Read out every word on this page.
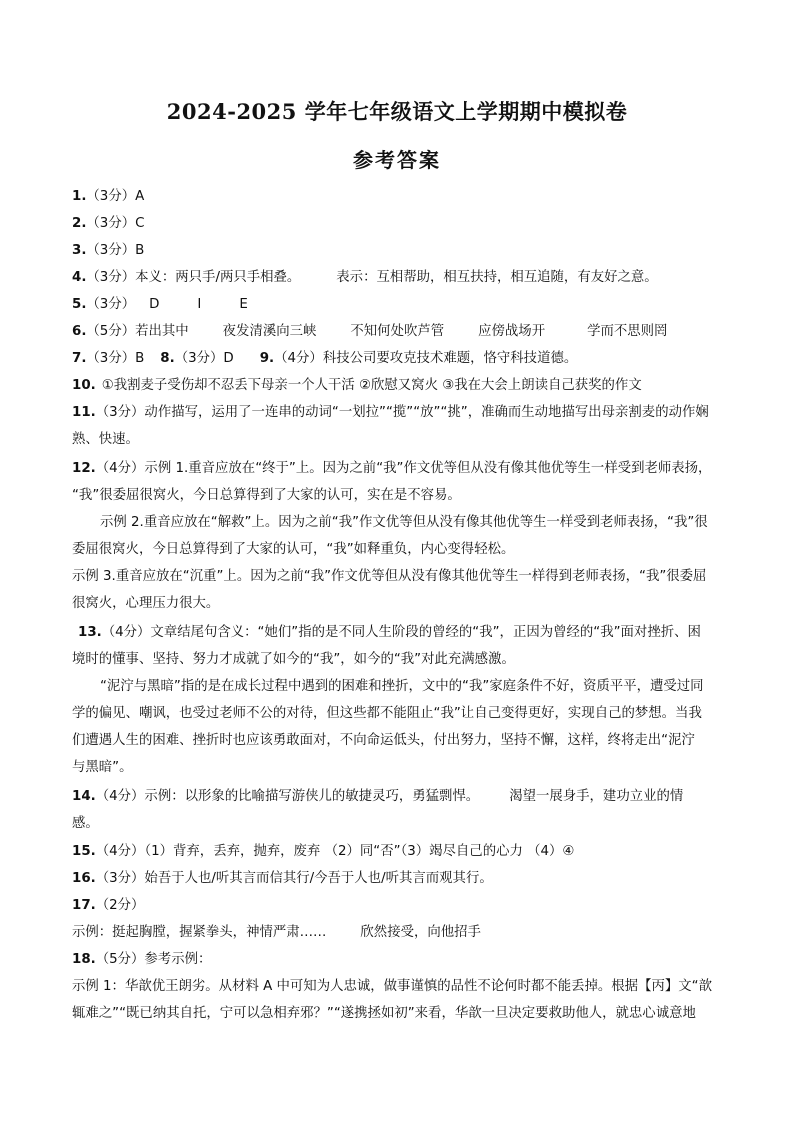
2024-2025 学年七年级语文上学期期中模拟卷
参考答案
1.（3分）A
2.（3分）C
3.（3分）B
4.（3分）本义：两只手/两只手相叠。	表示：互相帮助，相互扶持，相互追随，有友好之意。
5.（3分） D	I	E
6.（5分）若出其中	夜发清溪向三峡	不知何处吹芦管	应傍战场开	学而不思则罔
7.（3分）B 8.（3分）D 9.（4分）科技公司要攻克技术难题，恪守科技道德。
10. ①我割麦子受伤却不忍丢下母亲一个人干活 ②欣慰又窝火 ③我在大会上朗读自己获奖的作文
11.（3分）动作描写，运用了一连串的动词“一划拉”“揽”“放”“挑”，准确而生动地描写出母亲割麦的动作娴
熟、快速。
12.（4分）示例 1.重音应放在“终于”上。因为之前“我”作文优等但从没有像其他优等生一样受到老师表扬，
“我”很委屈很窝火，今日总算得到了大家的认可，实在是不容易。
示例 2.重音应放在“解救”上。因为之前“我”作文优等但从没有像其他优等生一样受到老师表扬，“我”很
委屈很窝火，今日总算得到了大家的认可，“我”如释重负，内心变得轻松。
示例 3.重音应放在“沉重”上。因为之前“我”作文优等但从没有像其他优等生一样得到老师表扬，“我”很委屈
很窝火，心理压力很大。
13.（4分）文章结尾句含义：“她们”指的是不同人生阶段的曾经的“我”，正因为曾经的“我”面对挫折、困
境时的懂事、坚持、努力才成就了如今的“我”，如今的“我”对此充满感激。
“泥泞与黑暗”指的是在成长过程中遇到的困难和挫折，文中的“我”家庭条件不好，资质平平，遭受过同
学的偏见、嘲讽，也受过老师不公的对待，但这些都不能阻止“我”让自己变得更好，实现自己的梦想。当我
们遭遇人生的困难、挫折时也应该勇敢面对，不向命运低头，付出努力，坚持不懈，这样，终将走出“泥泞
与黑暗”。
14.（4分）示例：以形象的比喻描写游侠儿的敏捷灵巧，勇猛剽悍。 渴望一展身手，建功立业的情
感。
15.（4分）（1）背弃，丢弃，抛弃，废弃 （2）同“否”（3）竭尽自己的心力 （4）④
16.（3分）始吾于人也/听其言而信其行/今吾于人也/听其言而观其行。
17.（2分）
示例：挺起胸膛，握紧拳头，神情严肃……	欣然接受，向他招手
18.（5分）参考示例：
示例 1：华歆优王朗劣。从材料 A 中可知为人忠诚，做事谨慎的品性不论何时都不能丢掉。根据【丙】文“歆
辄难之”“既已纳其自托，宁可以急相弃邪？”“遂携拯如初”来看，华歆一旦决定要救助他人，就忠心诚意地
